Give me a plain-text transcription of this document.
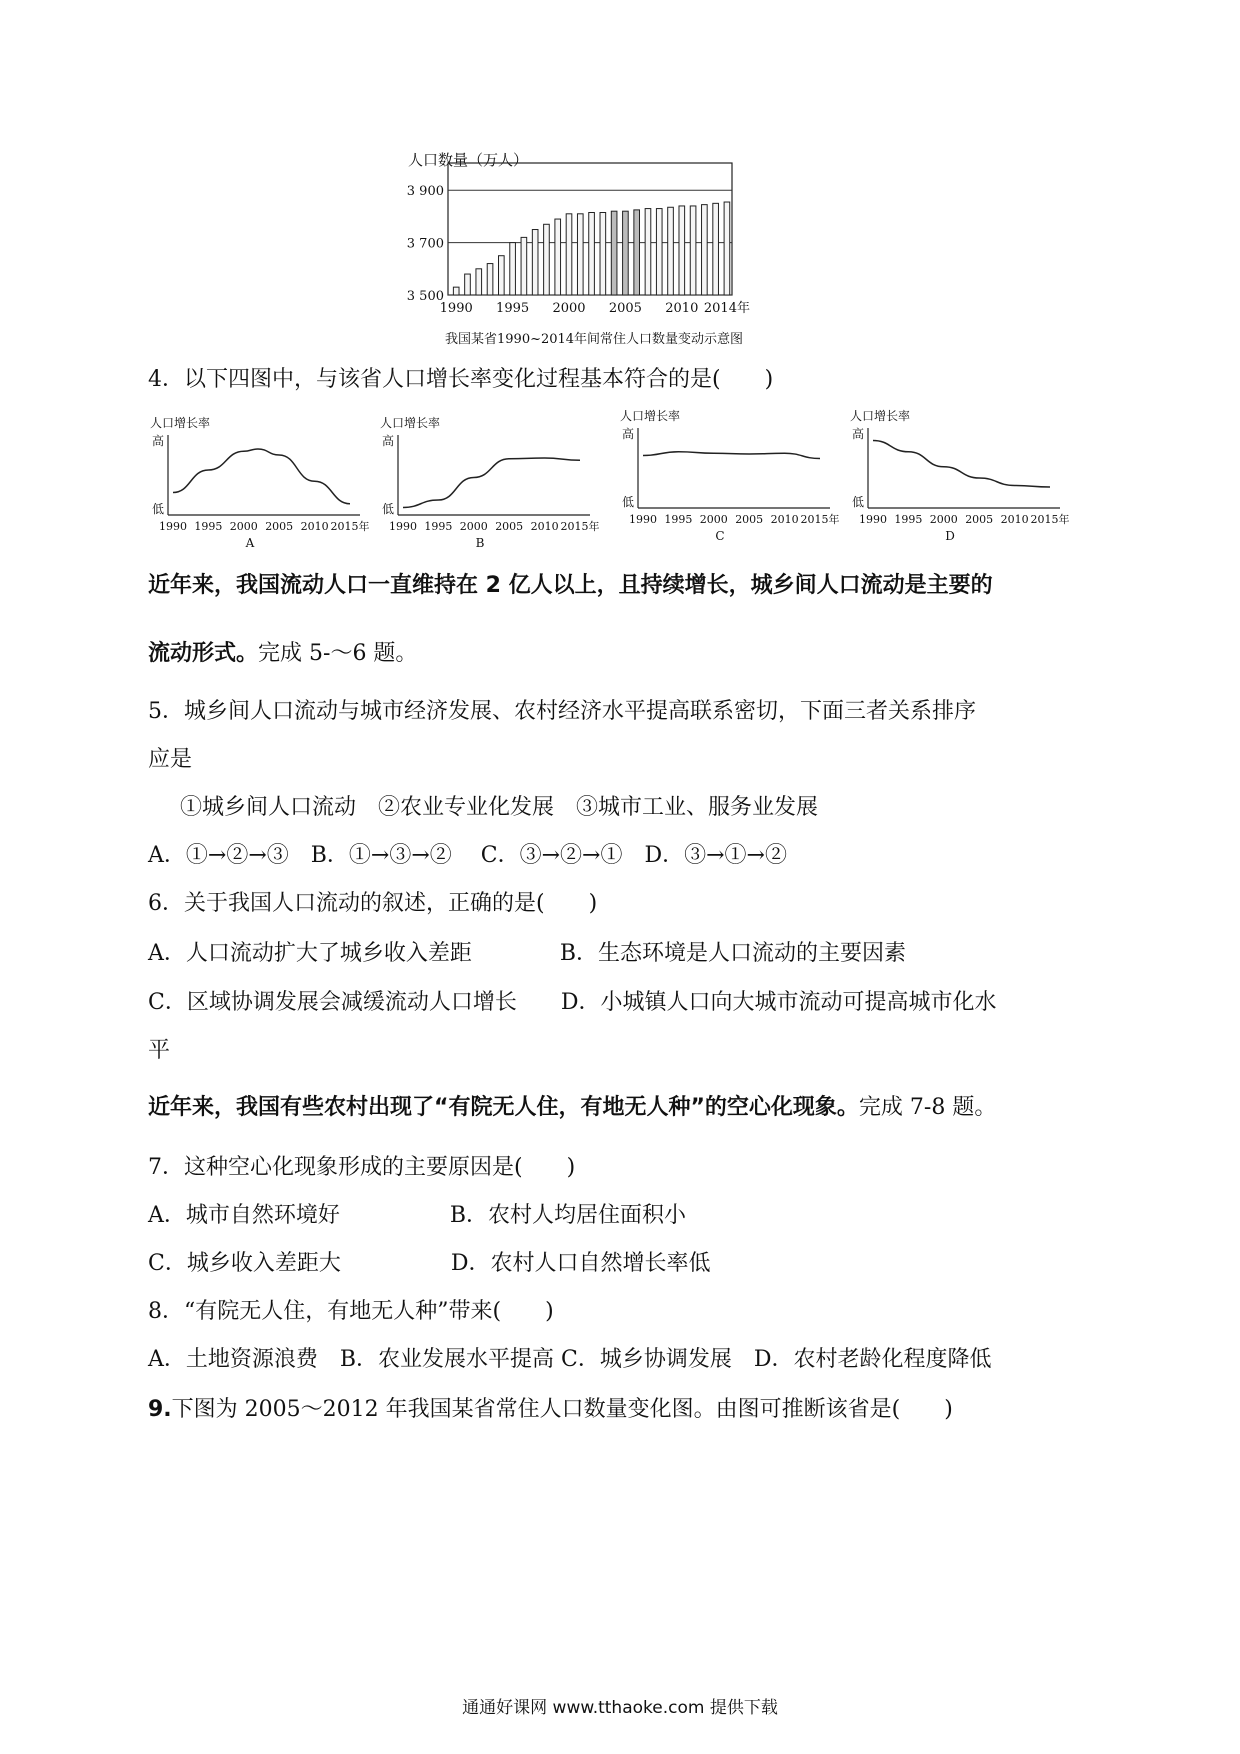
人口数量（万人）
3 500
3 700
3 900
1990 1995 2000 2005 2010 2014年
我国某省1990~2014年间常住人口数量变动示意图
4．以下四图中，与该省人口增长率变化过程基本符合的是(　　)
人口增长率
高
低
1990 1995 2000 2005 2010 2015年
A
人口增长率
高
低
1990 1995 2000 2005 2010 2015年
B
人口增长率
高
低
1990 1995 2000 2005 2010 2015年
C
人口增长率
高
低
1990 1995 2000 2005 2010 2015年
D
近年来，我国流动人口一直维持在 2 亿人以上，且持续增长，城乡间人口流动是主要的
流动形式。完成 5-～6 题。
5．城乡间人口流动与城市经济发展、农村经济水平提高联系密切，下面三者关系排序
应是
①城乡间人口流动　②农业专业化发展　③城市工业、服务业发展
A．①→②→③　B．①→③→②　 C．③→②→①　D．③→①→②
6．关于我国人口流动的叙述，正确的是(　　)
A．人口流动扩大了城乡收入差距　　　　B．生态环境是人口流动的主要因素
C．区域协调发展会减缓流动人口增长　　D．小城镇人口向大城市流动可提高城市化水
平
近年来，我国有些农村出现了“有院无人住，有地无人种”的空心化现象。完成 7-8 题。
7．这种空心化现象形成的主要原因是(　　)
A．城市自然环境好　　　　　B．农村人均居住面积小
C．城乡收入差距大　　　　　D．农村人口自然增长率低
8．“有院无人住，有地无人种”带来(　　)
A．土地资源浪费　B．农业发展水平提高 C．城乡协调发展　D．农村老龄化程度降低
9.下图为 2005～2012 年我国某省常住人口数量变化图。由图可推断该省是(　　)
通通好课网 www.tthaoke.com 提供下载
